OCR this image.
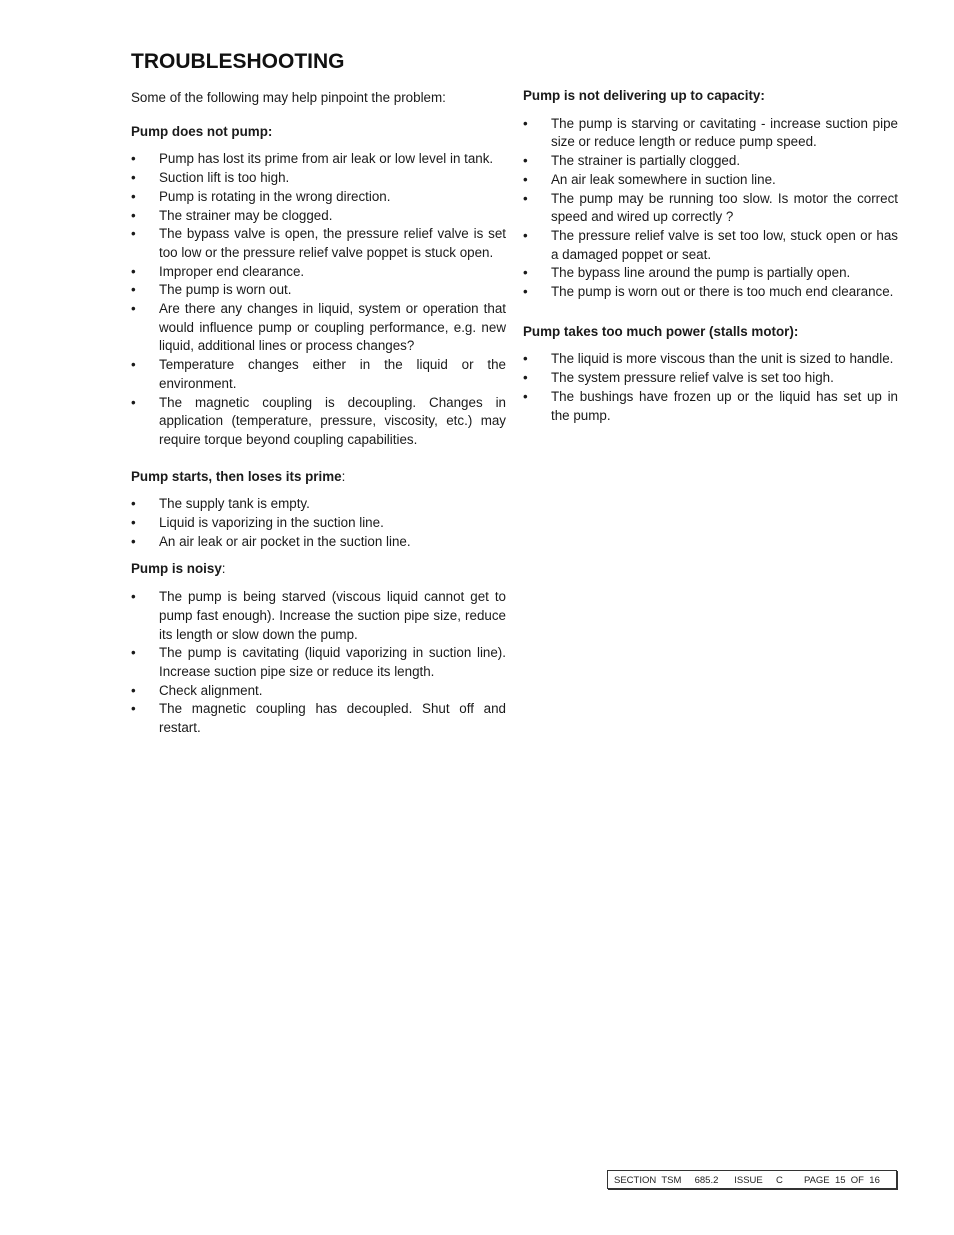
TROUBLESHOOTING

Some of the following may help pinpoint the problem:

Pump does not pump:

• Pump has lost its prime from air leak or low level in tank.
• Suction lift is too high.
• Pump is rotating in the wrong direction.
• The strainer may be clogged.
• The bypass valve is open, the pressure relief valve is set too low or the pressure relief valve poppet is stuck open.
• Improper end clearance.
• The pump is worn out.
• Are there any changes in liquid, system or operation that would influence pump or coupling performance, e.g. new liquid, additional lines or process changes?
• Temperature changes either in the liquid or the environment.
• The magnetic coupling is decoupling. Changes in application (temperature, pressure, viscosity, etc.) may require torque beyond coupling capabilities.

Pump starts, then loses its prime:

• The supply tank is empty.
• Liquid is vaporizing in the suction line.
• An air leak or air pocket in the suction line.

Pump is noisy:

• The pump is being starved (viscous liquid cannot get to pump fast enough). Increase the suction pipe size, reduce its length or slow down the pump.
• The pump is cavitating (liquid vaporizing in suction line). Increase suction pipe size or reduce its length.
• Check alignment.
• The magnetic coupling has decoupled. Shut off and restart.

Pump is not delivering up to capacity:

• The pump is starving or cavitating - increase suction pipe size or reduce length or reduce pump speed.
• The strainer is partially clogged.
• An air leak somewhere in suction line.
• The pump may be running too slow. Is motor the correct speed and wired up correctly ?
• The pressure relief valve is set too low, stuck open or has a damaged poppet or seat.
• The bypass line around the pump is partially open.
• The pump is worn out or there is too much end clearance.

Pump takes too much power (stalls motor):

• The liquid is more viscous than the unit is sized to handle.
• The system pressure relief valve is set too high.
• The bushings have frozen up or the liquid has set up in the pump.
SECTION TSM 685.2 ISSUE C PAGE 15 OF 16
